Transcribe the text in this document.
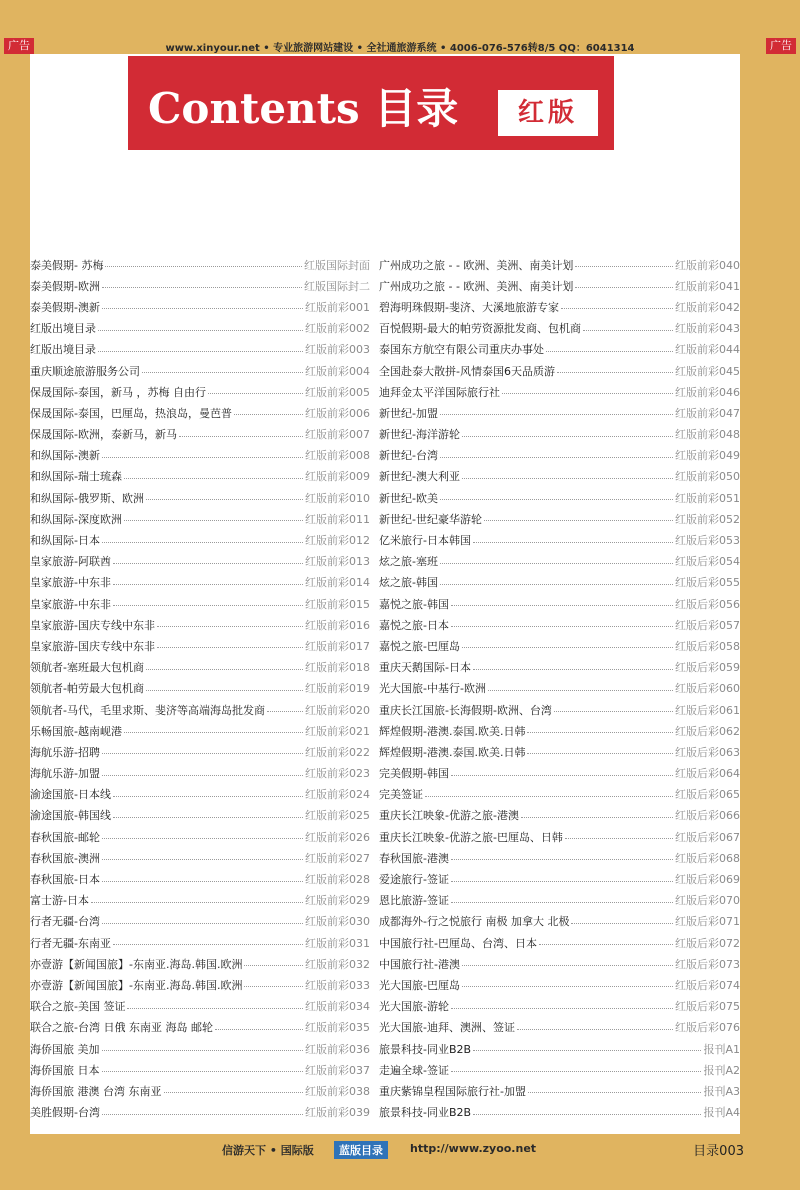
广告	广告
www.xinyour.net • 专业旅游网站建设 • 全社通旅游系统 • 4006-076-576转8/5 QQ：6041314
Contents 目录	红版
泰美假期- 苏梅	红版国际封面
泰美假期-欧洲	红版国际封二
泰美假期-澳新	红版前彩001
红版出境目录	红版前彩002
红版出境目录	红版前彩003
重庆顺途旅游服务公司	红版前彩004
保晟国际-泰国，新马 ，苏梅 自由行	红版前彩005
保晟国际-泰国，巴厘岛，热浪岛，曼芭普	红版前彩006
保晟国际-欧洲，泰新马，新马	红版前彩007
和纵国际-澳新	红版前彩008
和纵国际-瑞士琉森	红版前彩009
和纵国际-俄罗斯、欧洲	红版前彩010
和纵国际-深度欧洲	红版前彩011
和纵国际-日本	红版前彩012
皇家旅游-阿联酋	红版前彩013
皇家旅游-中东非	红版前彩014
皇家旅游-中东非	红版前彩015
皇家旅游-国庆专线中东非	红版前彩016
皇家旅游-国庆专线中东非	红版前彩017
领航者-塞班最大包机商	红版前彩018
领航者-帕劳最大包机商	红版前彩019
领航者-马代，毛里求斯、斐济等高端海岛批发商	红版前彩020
乐畅国旅-越南岘港	红版前彩021
海航乐游-招聘	红版前彩022
海航乐游-加盟	红版前彩023
渝途国旅-日本线	红版前彩024
渝途国旅-韩国线	红版前彩025
春秋国旅-邮轮	红版前彩026
春秋国旅-澳洲	红版前彩027
春秋国旅-日本	红版前彩028
富士游-日本	红版前彩029
行者无疆-台湾	红版前彩030
行者无疆-东南亚	红版前彩031
亦壹游【新闻国旅】-东南亚.海岛.韩国.欧洲	红版前彩032
亦壹游【新闻国旅】-东南亚.海岛.韩国.欧洲	红版前彩033
联合之旅-美国 签证	红版前彩034
联合之旅-台湾 日俄 东南亚 海岛 邮轮	红版前彩035
海侨国旅 美加	红版前彩036
海侨国旅 日本	红版前彩037
海侨国旅 港澳 台湾 东南亚	红版前彩038
美胜假期-台湾	红版前彩039
广州成功之旅 - - 欧洲、美洲、南美计划	红版前彩040
广州成功之旅 - - 欧洲、美洲、南美计划	红版前彩041
碧海明珠假期-斐济、大溪地旅游专家	红版前彩042
百悦假期-最大的帕劳资源批发商、包机商	红版前彩043
泰国东方航空有限公司重庆办事处	红版前彩044
全国赴泰大散拼-风情泰国6天品质游	红版前彩045
迪拜金太平洋国际旅行社	红版前彩046
新世纪-加盟	红版前彩047
新世纪-海洋游轮	红版前彩048
新世纪-台湾	红版前彩049
新世纪-澳大利亚	红版前彩050
新世纪-欧美	红版前彩051
新世纪-世纪豪华游轮	红版前彩052
亿米旅行-日本韩国	红版后彩053
炫之旅-塞班	红版后彩054
炫之旅-韩国	红版后彩055
嘉悦之旅-韩国	红版后彩056
嘉悦之旅-日本	红版后彩057
嘉悦之旅-巴厘岛	红版后彩058
重庆天鹅国际-日本	红版后彩059
光大国旅-中基行-欧洲	红版后彩060
重庆长江国旅-长海假期-欧洲、台湾	红版后彩061
辉煌假期-港澳.泰国.欧美.日韩	红版后彩062
辉煌假期-港澳.泰国.欧美.日韩	红版后彩063
完美假期-韩国	红版后彩064
完美签证	红版后彩065
重庆长江映象-优游之旅-港澳	红版后彩066
重庆长江映象-优游之旅-巴厘岛、日韩	红版后彩067
春秋国旅-港澳	红版后彩068
爱途旅行-签证	红版后彩069
恩比旅游-签证	红版后彩070
成都海外-行之悦旅行 南极 加拿大 北极	红版后彩071
中国旅行社-巴厘岛、台湾、日本	红版后彩072
中国旅行社-港澳	红版后彩073
光大国旅-巴厘岛	红版后彩074
光大国旅-游轮	红版后彩075
光大国旅-迪拜、澳洲、签证	红版后彩076
旅景科技-同业B2B	报刊A1
走遍全球-签证	报刊A2
重庆紫锦皇程国际旅行社-加盟	报刊A3
旅景科技-同业B2B	报刊A4
信游天下 • 国际版	蓝版目录	http://www.zyoo.net	目录003
